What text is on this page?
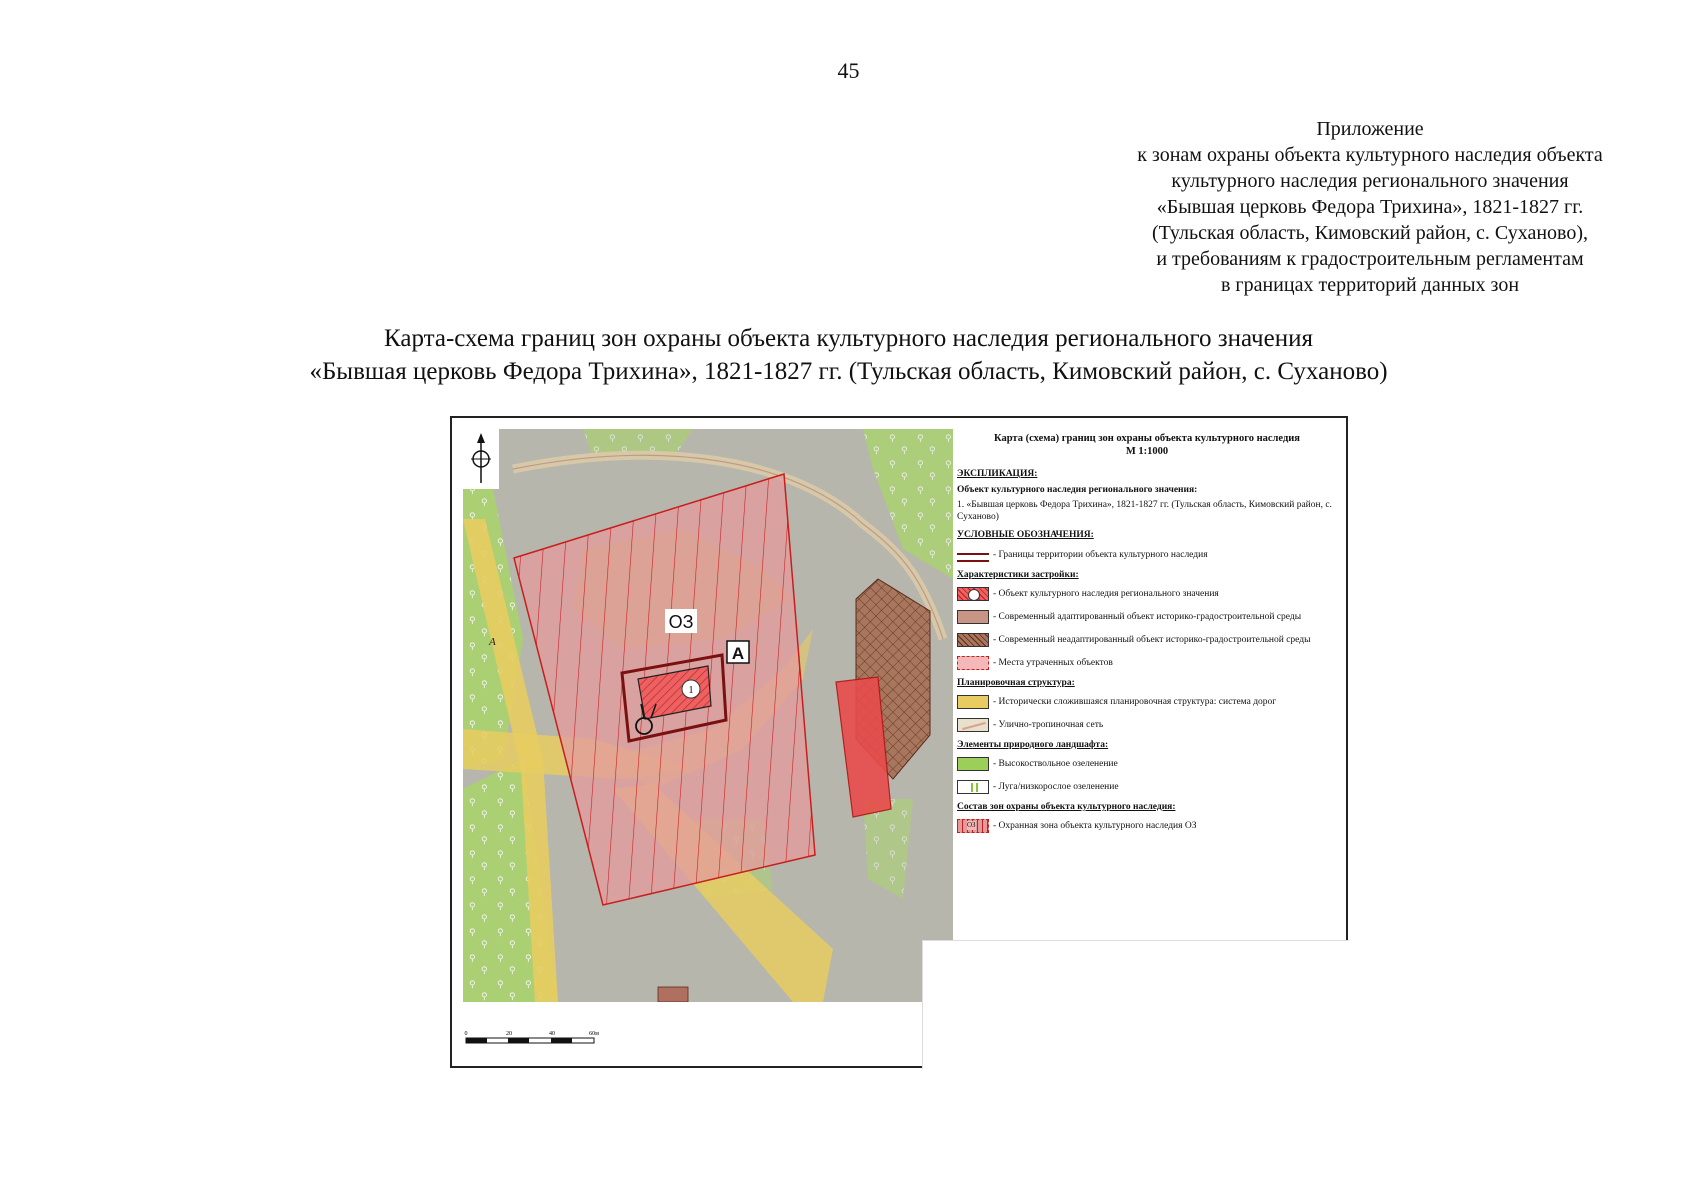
45
Приложение
к зонам охраны объекта культурного наследия объекта
культурного наследия регионального значения
«Бывшая церковь Федора Трихина», 1821-1827 гг.
(Тульская область, Кимовский район, с. Суханово),
и требованиям к градостроительным регламентам
в границах территорий данных зон
Карта-схема границ зон охраны объекта культурного наследия регионального значения
«Бывшая церковь Федора Трихина», 1821-1827 гг. (Тульская область, Кимовский район, с. Суханово)
1
ОЗ
А
А
Карта (схема) границ зон охраны объекта культурного наследия
М 1:1000
ЭКСПЛИКАЦИЯ:
Объект культурного наследия регионального значения:
1. «Бывшая церковь Федора Трихина», 1821-1827 гг. (Тульская область, Кимовский район, с. Суханово)
УСЛОВНЫЕ ОБОЗНАЧЕНИЯ:
- Границы территории объекта культурного наследия
Характеристики застройки:
- Объект культурного наследия регионального значения
- Современный адаптированный объект историко-градостроительной среды
- Современный неадаптированный объект историко-градостроительной среды
- Места утраченных объектов
Планировочная структура:
- Исторически сложившаяся планировочная структура: система дорог
- Улично-тропиночная сеть
Элементы природного ландшафта:
- Высокоствольное озеленение
- Луга/низкорослое озеленение
Состав зон охраны объекта культурного наследия:
ОЗ - Охранная зона объекта культурного наследия ОЗ
0	20	40	60м
